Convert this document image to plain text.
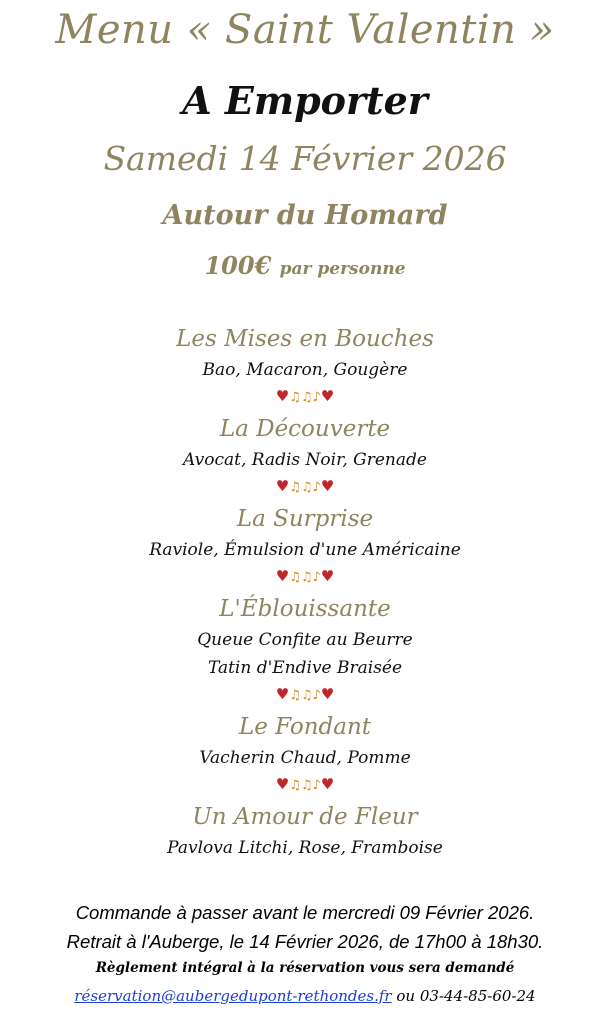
Menu « Saint Valentin »
A Emporter
Samedi 14 Février 2026
Autour du Homard
100€ par personne
Les Mises en Bouches
Bao, Macaron, Gougère
♥♫♫♪♥
La Découverte
Avocat, Radis Noir, Grenade
♥♫♫♪♥
La Surprise
Raviole, Émulsion d'une Américaine
♥♫♫♪♥
L'Éblouissante
Queue Confite au Beurre
Tatin d'Endive Braisée
♥♫♫♪♥
Le Fondant
Vacherin Chaud, Pomme
♥♫♫♪♥
Un Amour de Fleur
Pavlova Litchi, Rose, Framboise
Commande à passer avant le mercredi 09 Février 2026.
Retrait à l'Auberge, le 14 Février 2026, de 17h00 à 18h30.
Règlement intégral à la réservation vous sera demandé
réservation@aubergedupont-rethondes.fr ou 03-44-85-60-24
